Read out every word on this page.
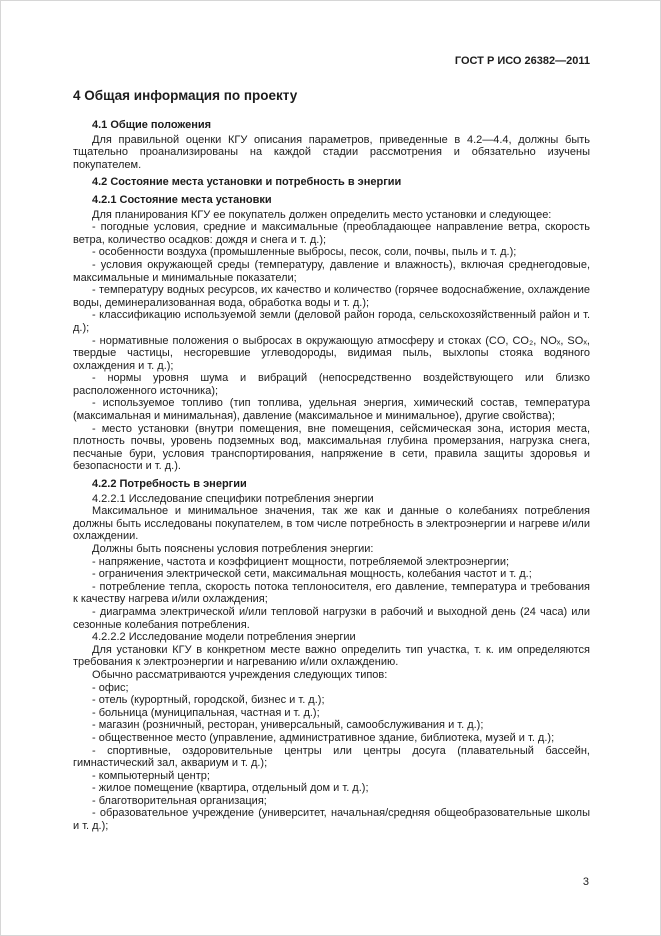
ГОСТ Р ИСО 26382—2011
4 Общая информация по проекту
4.1 Общие положения
Для правильной оценки КГУ описания параметров, приведенные в 4.2—4.4, должны быть тщательно проанализированы на каждой стадии рассмотрения и обязательно изучены покупателем.
4.2 Состояние места установки и потребность в энергии
4.2.1 Состояние места установки
Для планирования КГУ ее покупатель должен определить место установки и следующее:
- погодные условия, средние и максимальные (преобладающее направление ветра, скорость ветра, количество осадков: дождя и снега и т. д.);
- особенности воздуха (промышленные выбросы, песок, соли, почвы, пыль и т. д.);
- условия окружающей среды (температуру, давление и влажность), включая среднегодовые, максимальные и минимальные показатели;
- температуру водных ресурсов, их качество и количество (горячее водоснабжение, охлаждение воды, деминерализованная вода, обработка воды и т. д.);
- классификацию используемой земли (деловой район города, сельскохозяйственный район и т. д.);
- нормативные положения о выбросах в окружающую атмосферу и стоках (CO, CO₂, NOₓ, SOₓ, твердые частицы, несгоревшие углеводороды, видимая пыль, выхлопы стояка водяного охлаждения и т. д.);
- нормы уровня шума и вибраций (непосредственно воздействующего или близко расположенного источника);
- используемое топливо (тип топлива, удельная энергия, химический состав, температура (максимальная и минимальная), давление (максимальное и минимальное), другие свойства);
- место установки (внутри помещения, вне помещения, сейсмическая зона, история места, плотность почвы, уровень подземных вод, максимальная глубина промерзания, нагрузка снега, песчаные бури, условия транспортирования, напряжение в сети, правила защиты здоровья и безопасности и т. д.).
4.2.2 Потребность в энергии
4.2.2.1 Исследование специфики потребления энергии
Максимальное и минимальное значения, так же как и данные о колебаниях потребления должны быть исследованы покупателем, в том числе потребность в электроэнергии и нагреве и/или охлаждении.
Должны быть пояснены условия потребления энергии:
- напряжение, частота и коэффициент мощности, потребляемой электроэнергии;
- ограничения электрической сети, максимальная мощность, колебания частот и т. д.;
- потребление тепла, скорость потока теплоносителя, его давление, температура и требования к качеству нагрева и/или охлаждения;
- диаграмма электрической и/или тепловой нагрузки в рабочий и выходной день (24 часа) или сезонные колебания потребления.
4.2.2.2 Исследование модели потребления энергии
Для установки КГУ в конкретном месте важно определить тип участка, т. к. им определяются требования к электроэнергии и нагреванию и/или охлаждению.
Обычно рассматриваются учреждения следующих типов:
- офис;
- отель (курортный, городской, бизнес и т. д.);
- больница (муниципальная, частная и т. д.);
- магазин (розничный, ресторан, универсальный, самообслуживания и т. д.);
- общественное место (управление, административное здание, библиотека, музей и т. д.);
- спортивные, оздоровительные центры или центры досуга (плавательный бассейн, гимнастический зал, аквариум и т. д.);
- компьютерный центр;
- жилое помещение (квартира, отдельный дом и т. д.);
- благотворительная организация;
- образовательное учреждение (университет, начальная/средняя общеобразовательные школы и т. д.);
3
